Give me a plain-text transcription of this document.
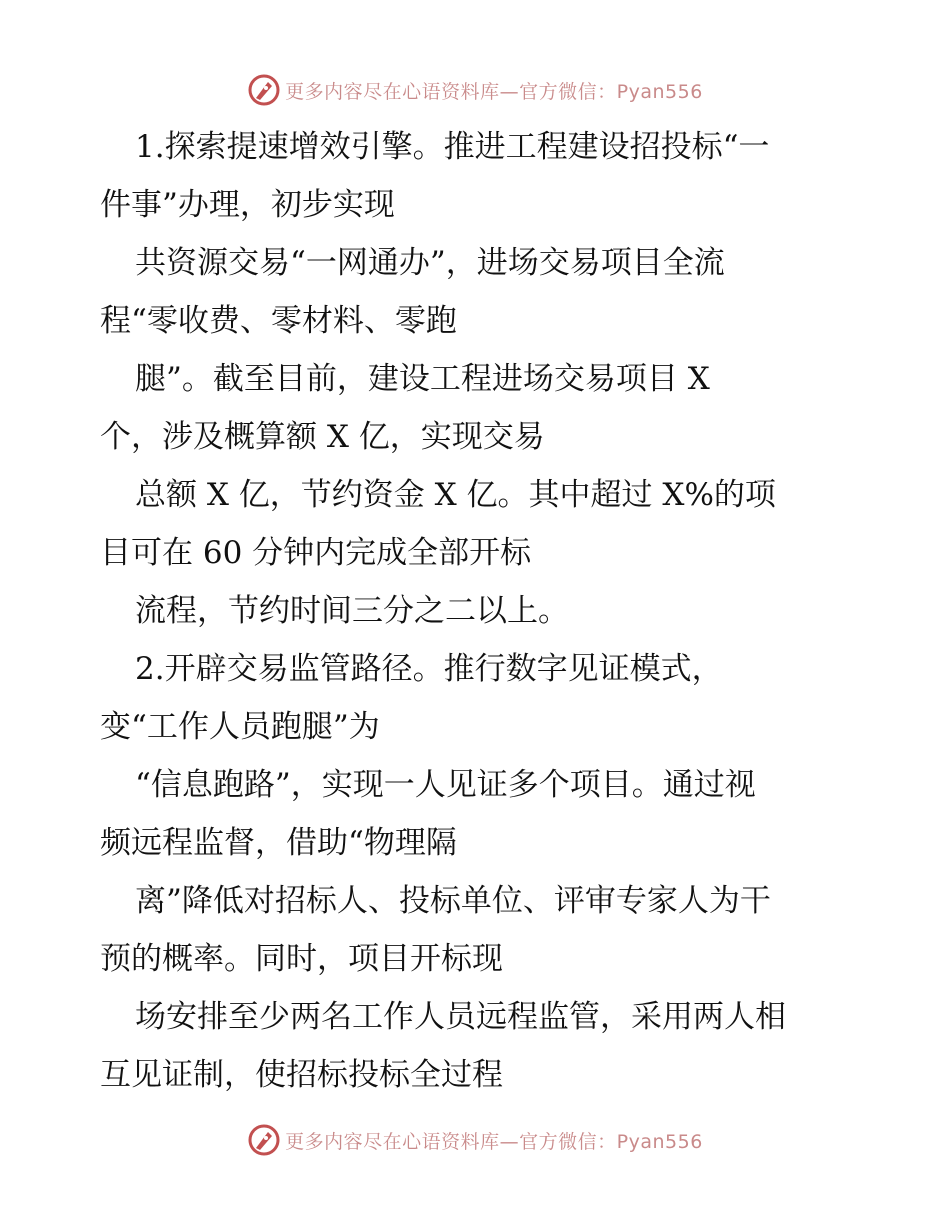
更多内容尽在心语资料库—官方微信：Pyan556
1.探索提速增效引擎。推进工程建设招投标“一
件事”办理，初步实现
共资源交易“一网通办”，进场交易项目全流
程“零收费、零材料、零跑
腿”。截至目前，建设工程进场交易项目 X
个，涉及概算额 X 亿，实现交易
总额 X 亿，节约资金 X 亿。其中超过 X%的项
目可在 60 分钟内完成全部开标
流程，节约时间三分之二以上。
2.开辟交易监管路径。推行数字见证模式，
变“工作人员跑腿”为
“信息跑路”，实现一人见证多个项目。通过视
频远程监督，借助“物理隔
离”降低对招标人、投标单位、评审专家人为干
预的概率。同时，项目开标现
场安排至少两名工作人员远程监管，采用两人相
互见证制，使招标投标全过程
更多内容尽在心语资料库—官方微信：Pyan556
